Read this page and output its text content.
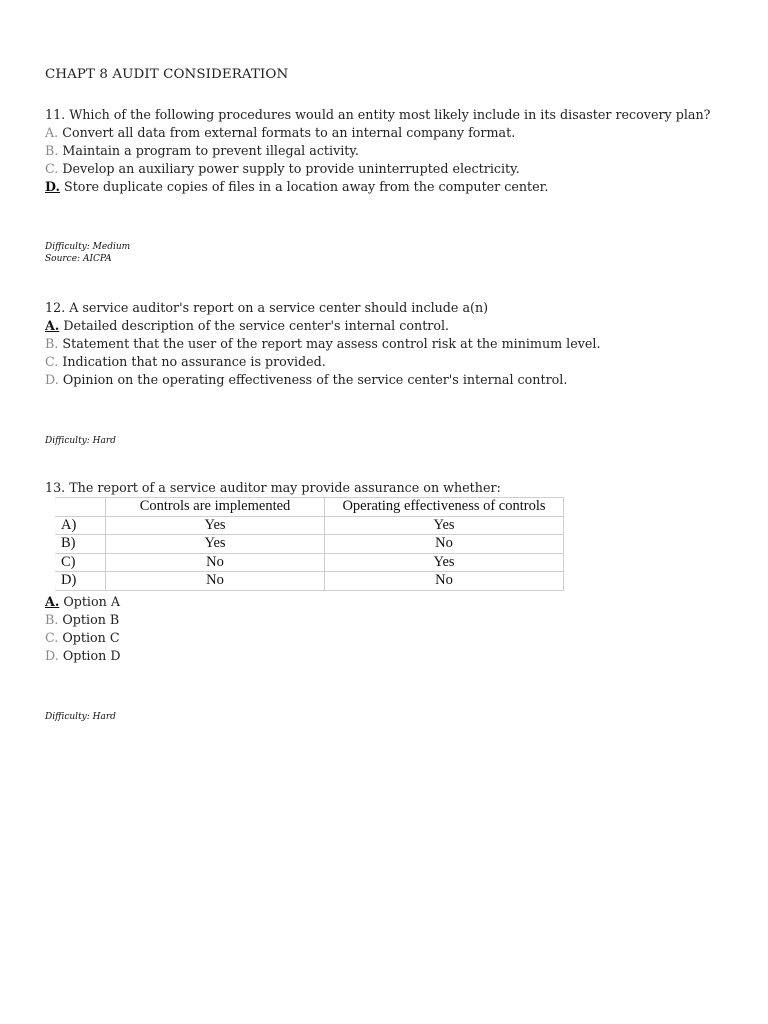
CHAPT 8 AUDIT CONSIDERATION
11. Which of the following procedures would an entity most likely include in its disaster recovery plan?
A. Convert all data from external formats to an internal company format.
B. Maintain a program to prevent illegal activity.
C. Develop an auxiliary power supply to provide uninterrupted electricity.
D. Store duplicate copies of files in a location away from the computer center.
Difficulty: Medium
Source: AICPA
12. A service auditor's report on a service center should include a(n)
A. Detailed description of the service center's internal control.
B. Statement that the user of the report may assess control risk at the minimum level.
C. Indication that no assurance is provided.
D. Opinion on the operating effectiveness of the service center's internal control.
Difficulty: Hard
13. The report of a service auditor may provide assurance on whether:
	Controls are implemented	Operating effectiveness of controls
A)	Yes	Yes
B)	Yes	No
C)	No	Yes
D)	No	No
A. Option A
B. Option B
C. Option C
D. Option D
Difficulty: Hard
